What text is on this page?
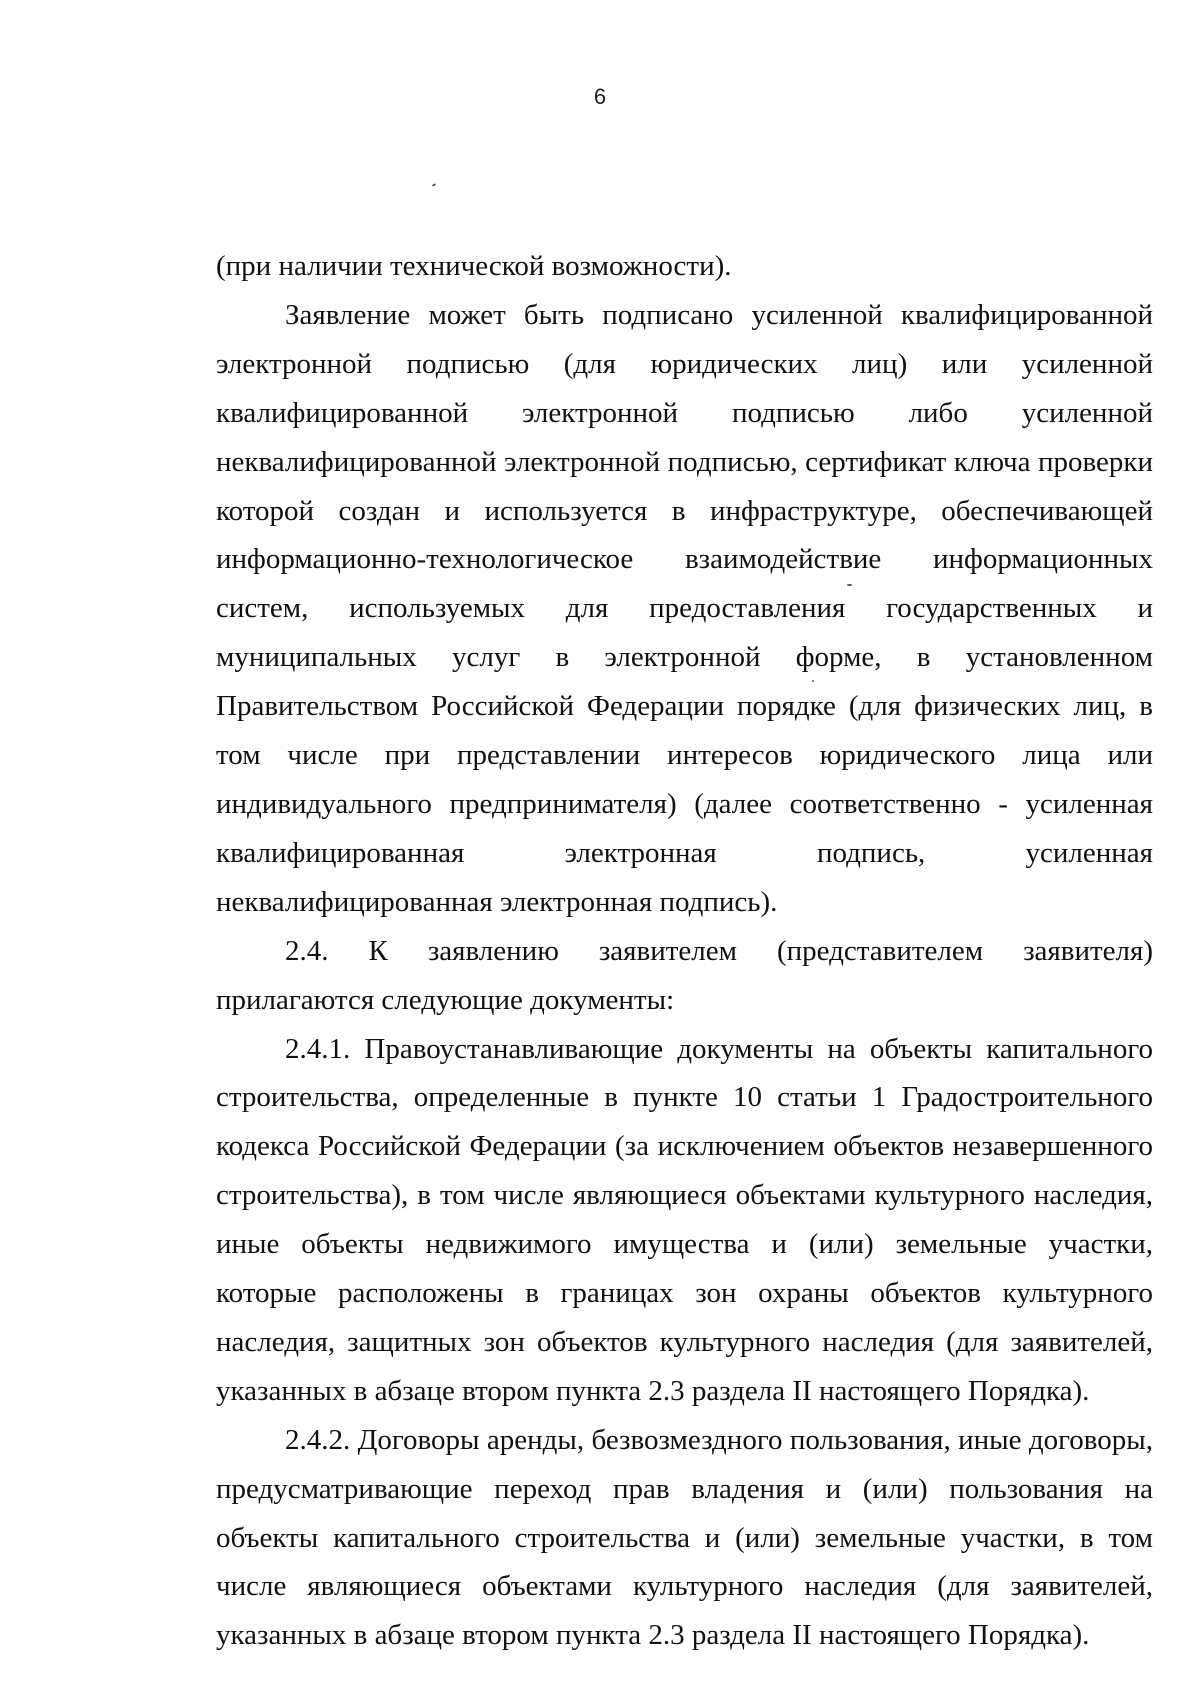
6

(при наличии технической возможности).

Заявление может быть подписано усиленной квалифицированной электронной подписью (для юридических лиц) или усиленной квалифицированной электронной подписью либо усиленной неквалифицированной электронной подписью, сертификат ключа проверки которой создан и используется в инфраструктуре, обеспечивающей информационно-технологическое взаимодействие информационных систем, используемых для предоставления государственных и муниципальных услуг в электронной форме, в установленном Правительством Российской Федерации порядке (для физических лиц, в том числе при представлении интересов юридического лица или индивидуального предпринимателя) (далее соответственно - усиленная квалифицированная электронная подпись, усиленная неквалифицированная электронная подпись).

2.4. К заявлению заявителем (представителем заявителя) прилагаются следующие документы:

2.4.1. Правоустанавливающие документы на объекты капитального строительства, определенные в пункте 10 статьи 1 Градостроительного кодекса Российской Федерации (за исключением объектов незавершенного строительства), в том числе являющиеся объектами культурного наследия, иные объекты недвижимого имущества и (или) земельные участки, которые расположены в границах зон охраны объектов культурного наследия, защитных зон объектов культурного наследия (для заявителей, указанных в абзаце втором пункта 2.3 раздела II настоящего Порядка).

2.4.2. Договоры аренды, безвозмездного пользования, иные договоры, предусматривающие переход прав владения и (или) пользования на объекты капитального строительства и (или) земельные участки, в том числе являющиеся объектами культурного наследия (для заявителей, указанных в абзаце втором пункта 2.3 раздела II настоящего Порядка).
